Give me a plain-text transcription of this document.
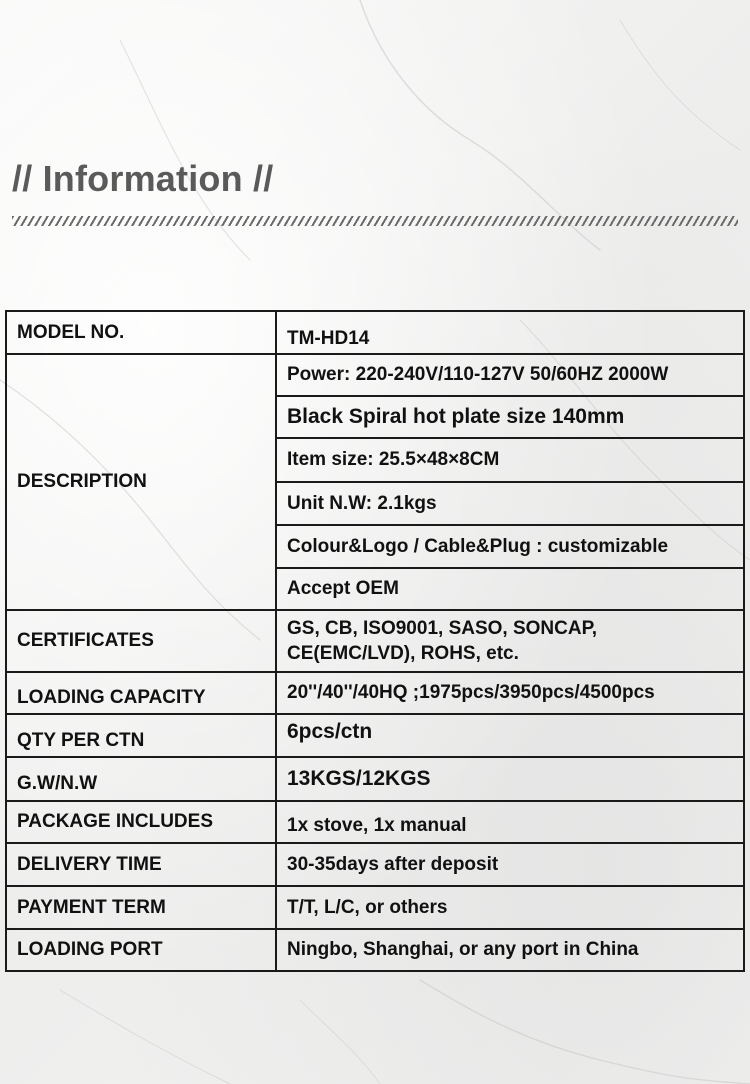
// Information //
MODEL NO.	TM-HD14
DESCRIPTION	Power: 220-240V/110-127V 50/60HZ 2000W
	Black Spiral hot plate size 140mm
	Item size: 25.5×48×8CM
	Unit N.W: 2.1kgs
	Colour&Logo / Cable&Plug : customizable
	Accept OEM
CERTIFICATES	GS, CB, ISO9001, SASO, SONCAP,
CE(EMC/LVD), ROHS, etc.

LOADING CAPACITY	20''/40''/40HQ ;1975pcs/3950pcs/4500pcs
QTY PER CTN	6pcs/ctn
G.W/N.W	13KGS/12KGS
PACKAGE INCLUDES	1x stove, 1x manual
DELIVERY TIME	30-35days after deposit
PAYMENT TERM	T/T, L/C, or others
LOADING PORT	Ningbo, Shanghai, or any port in China
